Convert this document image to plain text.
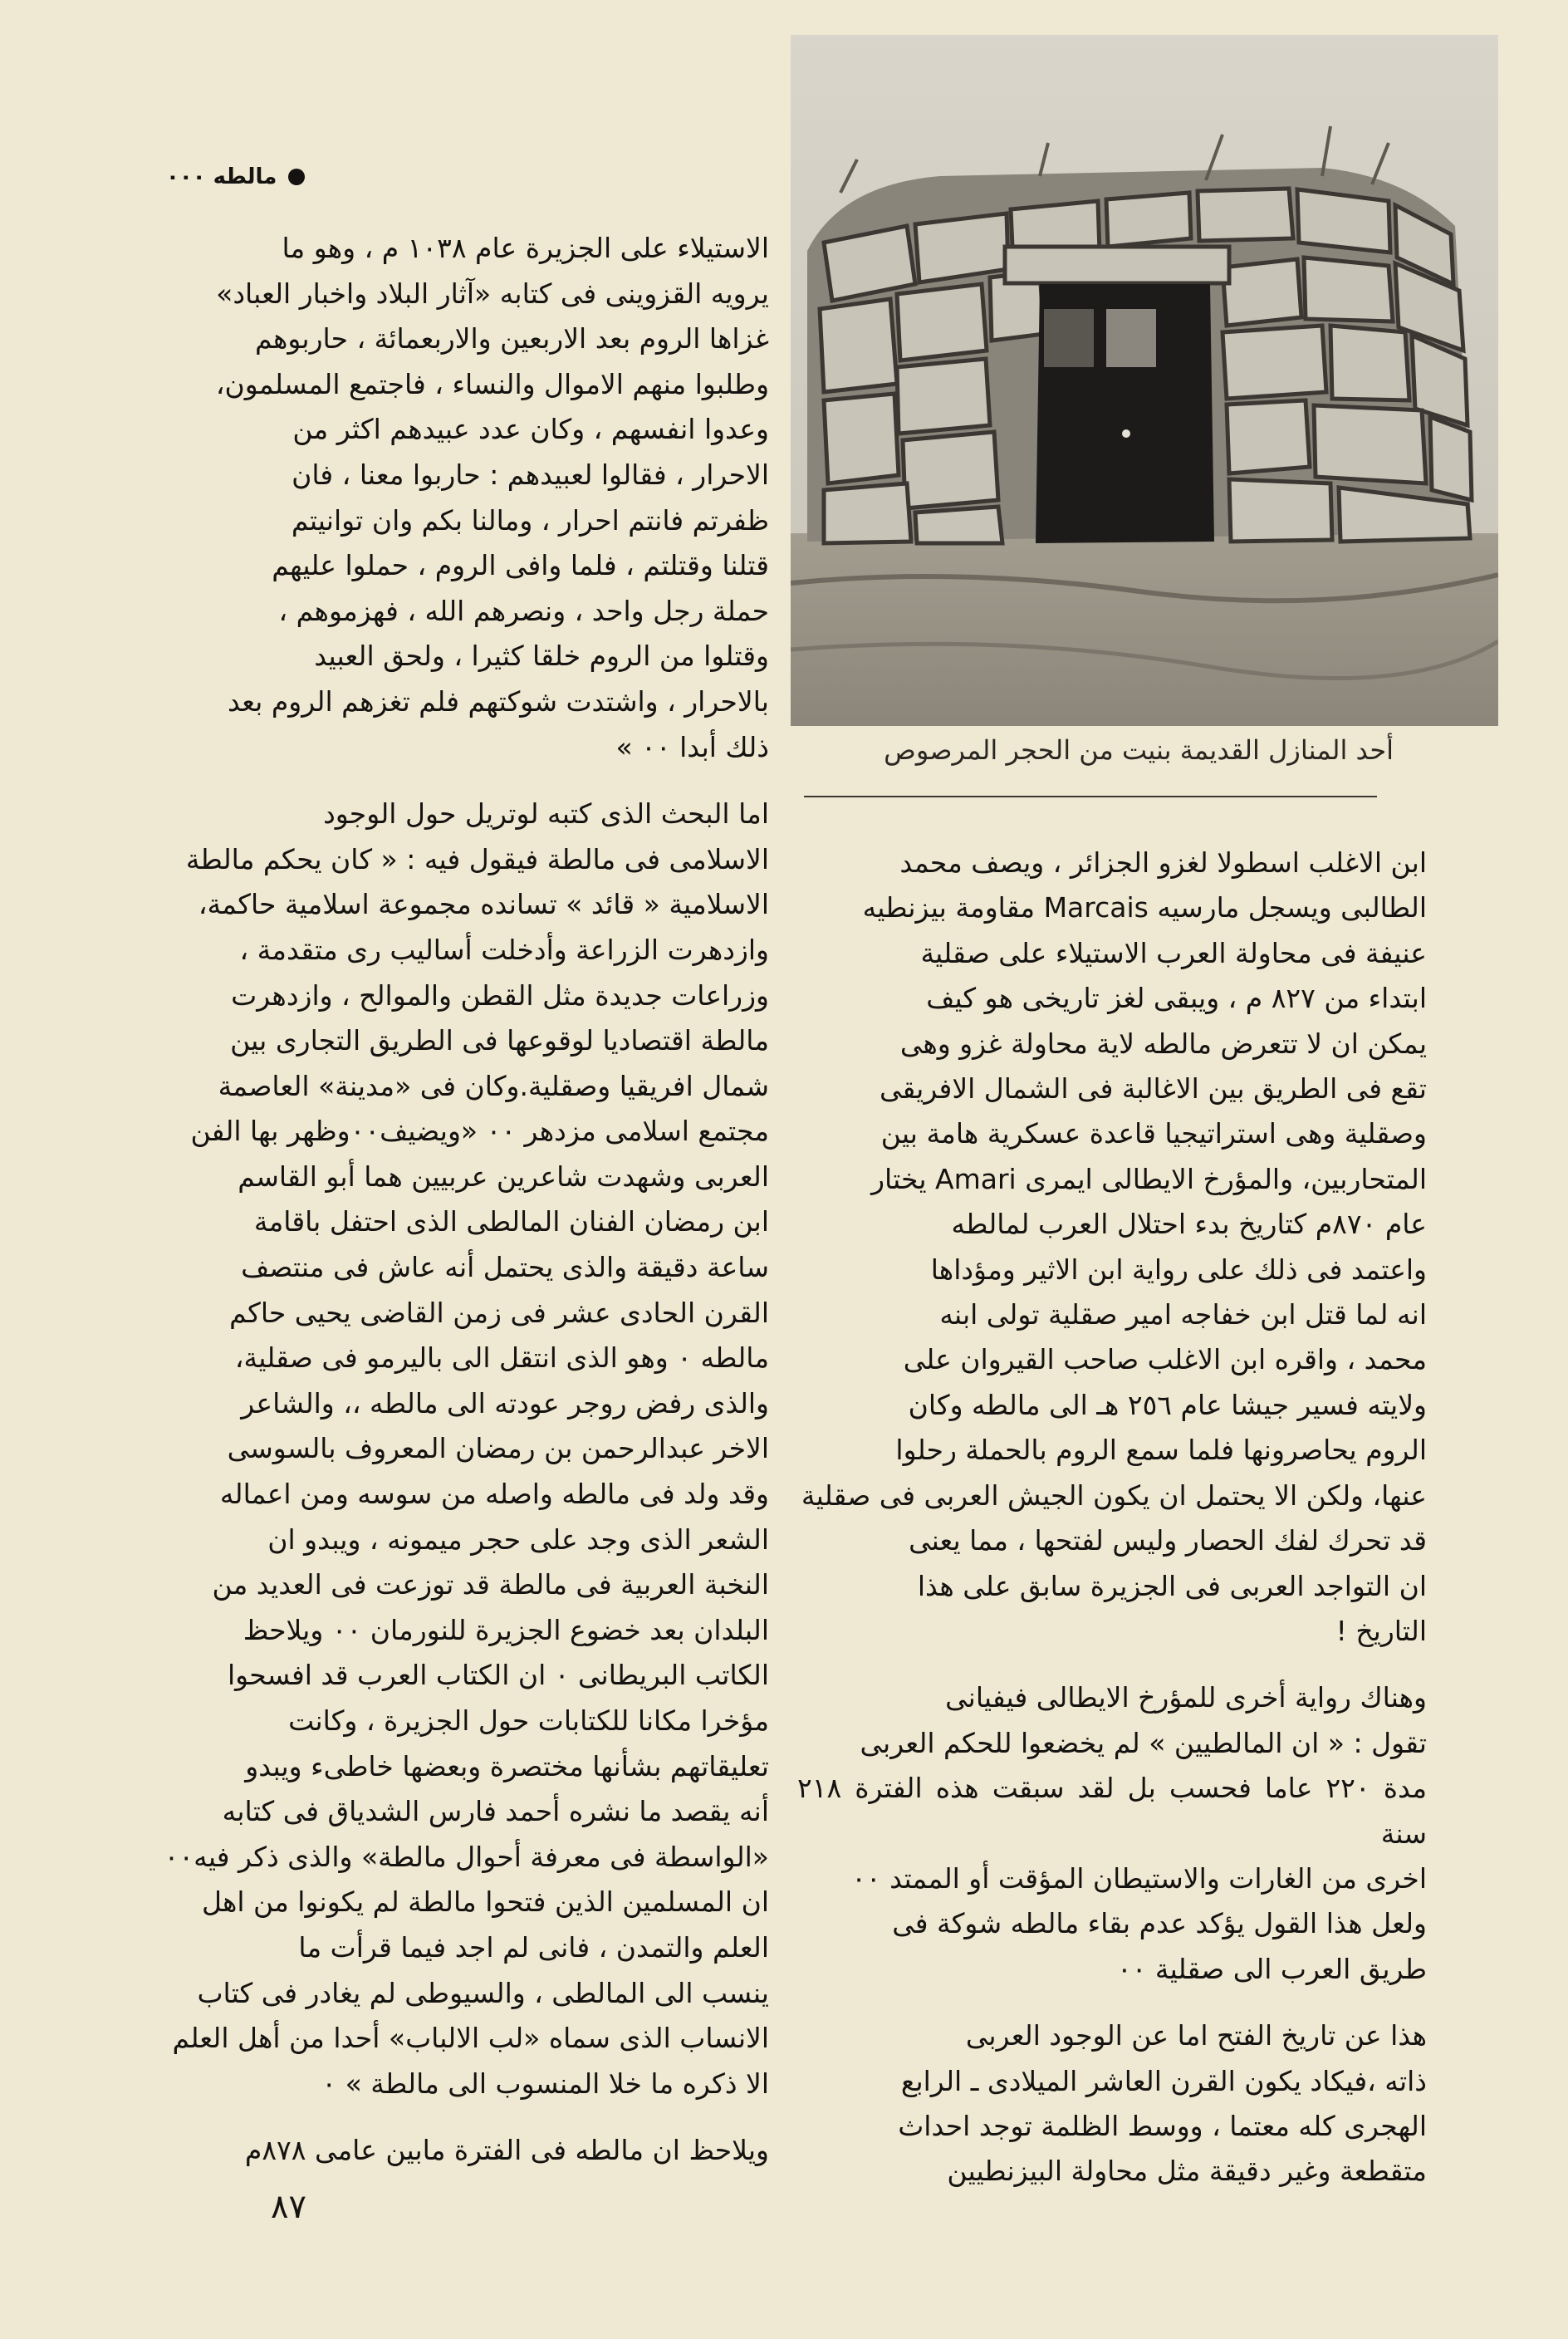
مالطه ٠٠٠
أحد المنازل القديمة بنيت من الحجر المرصوص

الاستيلاء على الجزيرة عام ١٠٣٨ م ، وهو ما
يرويه القزوينى فى كتابه «آثار البلاد واخبار العباد»
غزاها الروم بعد الاربعين والاربعمائة ، حاربوهم
وطلبوا منهم الاموال والنساء ، فاجتمع المسلمون،
وعدوا انفسهم ، وكان عدد عبيدهم اكثر من
الاحرار ، فقالوا لعبيدهم : حاربوا معنا ، فان
ظفرتم فانتم احرار ، ومالنا بكم وان توانيتم
قتلنا وقتلتم ، فلما وافى الروم ، حملوا عليهم
حملة رجل واحد ، ونصرهم الله ، فهزموهم ،
وقتلوا من الروم خلقا كثيرا ، ولحق العبيد
بالاحرار ، واشتدت شوكتهم فلم تغزهم الروم بعد
ذلك أبدا ٠٠ »

اما البحث الذى كتبه لوتريل حول الوجود
الاسلامى فى مالطة فيقول فيه : « كان يحكم مالطة
الاسلامية « قائد » تسانده مجموعة اسلامية حاكمة،
وازدهرت الزراعة وأدخلت أساليب رى متقدمة ،
وزراعات جديدة مثل القطن والموالح ، وازدهرت
مالطة اقتصاديا لوقوعها فى الطريق التجارى بين
شمال افريقيا وصقلية.وكان فى «مدينة» العاصمة
مجتمع اسلامى مزدهر ٠٠ «ويضيف٠٠وظهر بها الفن
العربى وشهدت شاعرين عربيين هما أبو القاسم
ابن رمضان الفنان المالطى الذى احتفل باقامة
ساعة دقيقة والذى يحتمل أنه عاش فى منتصف
القرن الحادى عشر فى زمن القاضى يحيى حاكم
مالطه ٠ وهو الذى انتقل الى باليرمو فى صقلية،
والذى رفض روجر عودته الى مالطه ،، والشاعر
الاخر عبدالرحمن بن رمضان المعروف بالسوسى
وقد ولد فى مالطه واصله من سوسه ومن اعماله
الشعر الذى وجد على حجر ميمونه ، ويبدو ان
النخبة العربية فى مالطة قد توزعت فى العديد من
البلدان بعد خضوع الجزيرة للنورمان ٠٠ ويلاحظ
الكاتب البريطانى ٠ ان الكتاب العرب قد افسحوا
مؤخرا مكانا للكتابات حول الجزيرة ، وكانت
تعليقاتهم بشأنها مختصرة وبعضها خاطىء ويبدو
أنه يقصد ما نشره أحمد فارس الشدياق فى كتابه
«الواسطة فى معرفة أحوال مالطة» والذى ذكر فيه٠٠
ان المسلمين الذين فتحوا مالطة لم يكونوا من اهل
العلم والتمدن ، فانى لم اجد فيما قرأت ما
ينسب الى المالطى ، والسيوطى لم يغادر فى كتاب
الانساب الذى سماه «لب الالباب» أحدا من أهل العلم
الا ذكره ما خلا المنسوب الى مالطة » ٠

ويلاحظ ان مالطه فى الفترة مابين عامى ٨٧٨م

ابن الاغلب اسطولا لغزو الجزائر ، ويصف محمد
الطالبى ويسجل مارسيه Marcais مقاومة بيزنطيه
عنيفة فى محاولة العرب الاستيلاء على صقلية
ابتداء من ٨٢٧ م ، ويبقى لغز تاريخى هو كيف
يمكن ان لا تتعرض مالطه لاية محاولة غزو وهى
تقع فى الطريق بين الاغالبة فى الشمال الافريقى
وصقلية وهى استراتيجيا قاعدة عسكرية هامة بين
المتحاربين، والمؤرخ الايطالى ايمرى Amari يختار
عام ٨٧٠م كتاريخ بدء احتلال العرب لمالطه
واعتمد فى ذلك على رواية ابن الاثير ومؤداها
انه لما قتل ابن خفاجه امير صقلية تولى ابنه
محمد ، واقره ابن الاغلب صاحب القيروان على
ولايته فسير جيشا عام ٢٥٦ هـ الى مالطه وكان
الروم يحاصرونها فلما سمع الروم بالحملة رحلوا
عنها، ولكن الا يحتمل ان يكون الجيش العربى فى صقلية
قد تحرك لفك الحصار وليس لفتحها ، مما يعنى
ان التواجد العربى فى الجزيرة سابق على هذا
التاريخ !

وهناك رواية أخرى للمؤرخ الايطالى فيفيانى
تقول : « ان المالطيين » لم يخضعوا للحكم العربى
مدة ٢٢٠ عاما فحسب بل لقد سبقت هذه الفترة ٢١٨ سنة
اخرى من الغارات والاستيطان المؤقت أو الممتد ٠٠
ولعل هذا القول يؤكد عدم بقاء مالطه شوكة فى
طريق العرب الى صقلية ٠٠

هذا عن تاريخ الفتح اما عن الوجود العربى
ذاته ،فيكاد يكون القرن العاشر الميلادى ـ الرابع
الهجرى كله معتما ، ووسط الظلمة توجد احداث
متقطعة وغير دقيقة مثل محاولة البيزنطيين

٨٧
